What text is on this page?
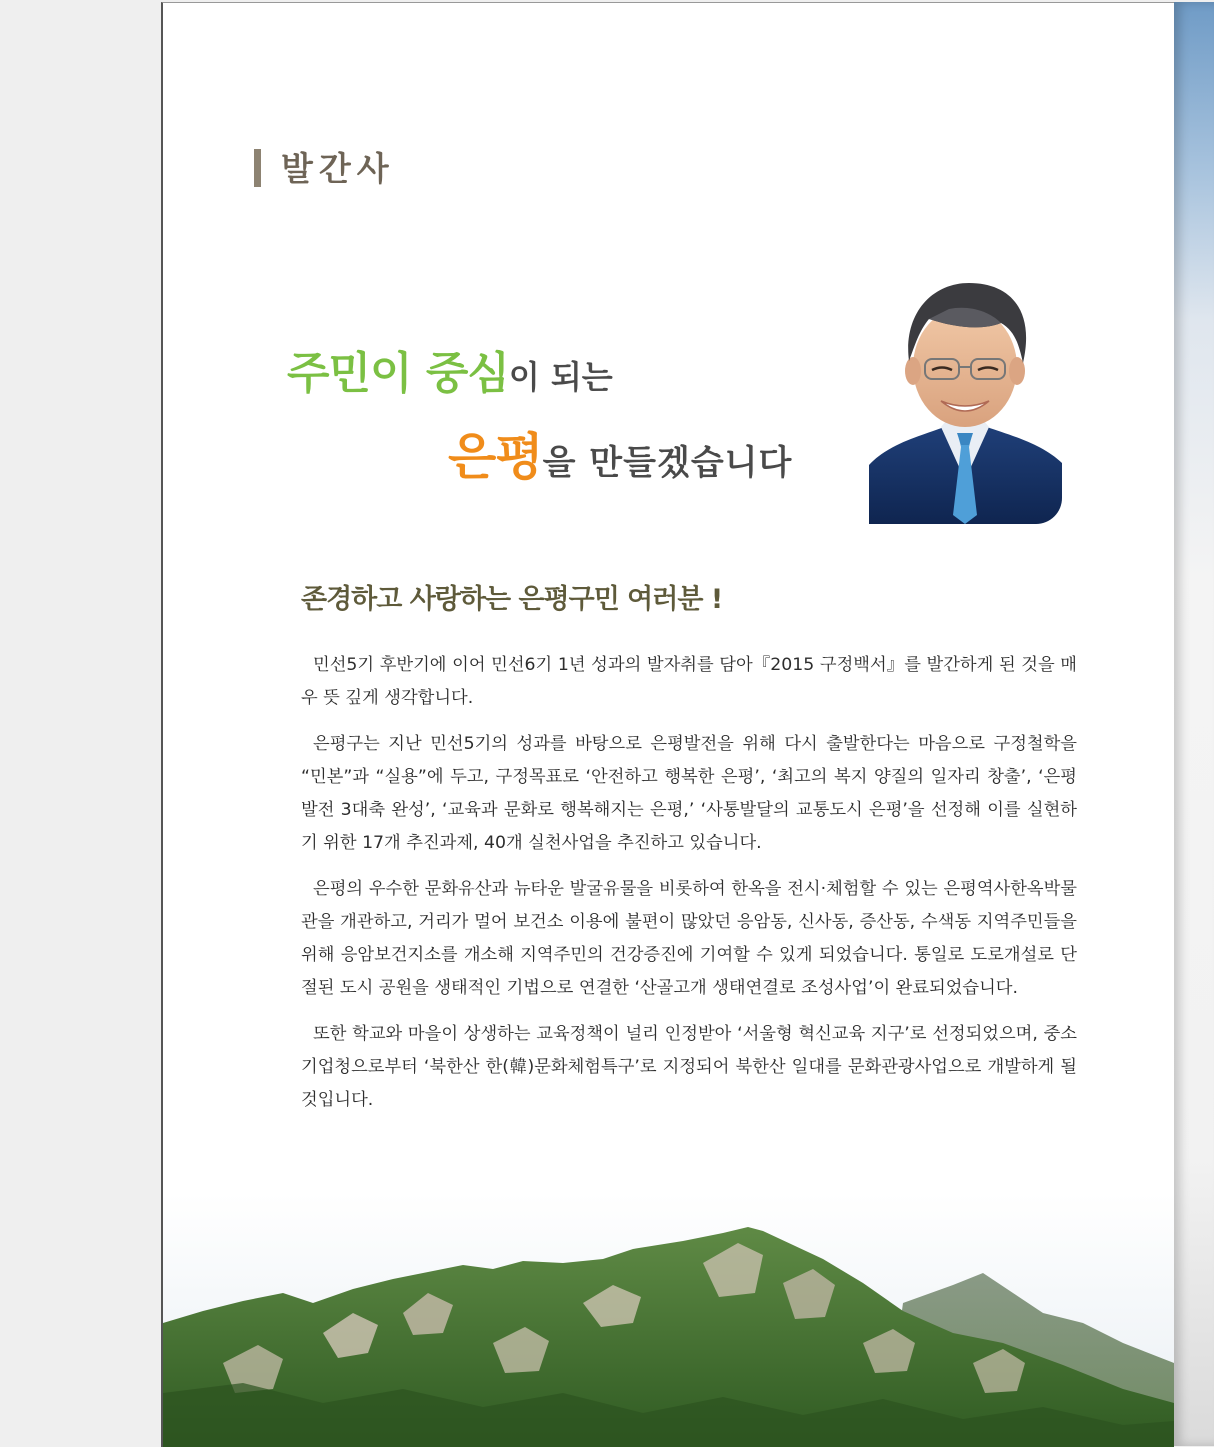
발간사
주민이 중심이 되는
은평을 만들겠습니다
존경하고 사랑하는 은평구민 여러분 !

민선5기 후반기에 이어 민선6기 1년 성과의 발자취를 담아『2015 구정백서』를 발간하게 된 것을 매우 뜻 깊게 생각합니다.

은평구는 지난 민선5기의 성과를 바탕으로 은평발전을 위해 다시 출발한다는 마음으로 구정철학을 “민본”과 “실용”에 두고, 구정목표로 ‘안전하고 행복한 은평’, ‘최고의 복지 양질의 일자리 창출’, ‘은평발전 3대축 완성’, ‘교육과 문화로 행복해지는 은평,’ ‘사통발달의 교통도시 은평’을 선정해 이를 실현하기 위한 17개 추진과제, 40개 실천사업을 추진하고 있습니다.

은평의 우수한 문화유산과 뉴타운 발굴유물을 비롯하여 한옥을 전시·체험할 수 있는 은평역사한옥박물관을 개관하고, 거리가 멀어 보건소 이용에 불편이 많았던 응암동, 신사동, 증산동, 수색동 지역주민들을 위해 응암보건지소를 개소해 지역주민의 건강증진에 기여할 수 있게 되었습니다. 통일로 도로개설로 단절된 도시 공원을 생태적인 기법으로 연결한 ‘산골고개 생태연결로 조성사업’이 완료되었습니다.

또한 학교와 마을이 상생하는 교육정책이 널리 인정받아 ‘서울형 혁신교육 지구’로 선정되었으며, 중소기업청으로부터 ‘북한산 한(韓)문화체험특구’로 지정되어 북한산 일대를 문화관광사업으로 개발하게 될 것입니다.
